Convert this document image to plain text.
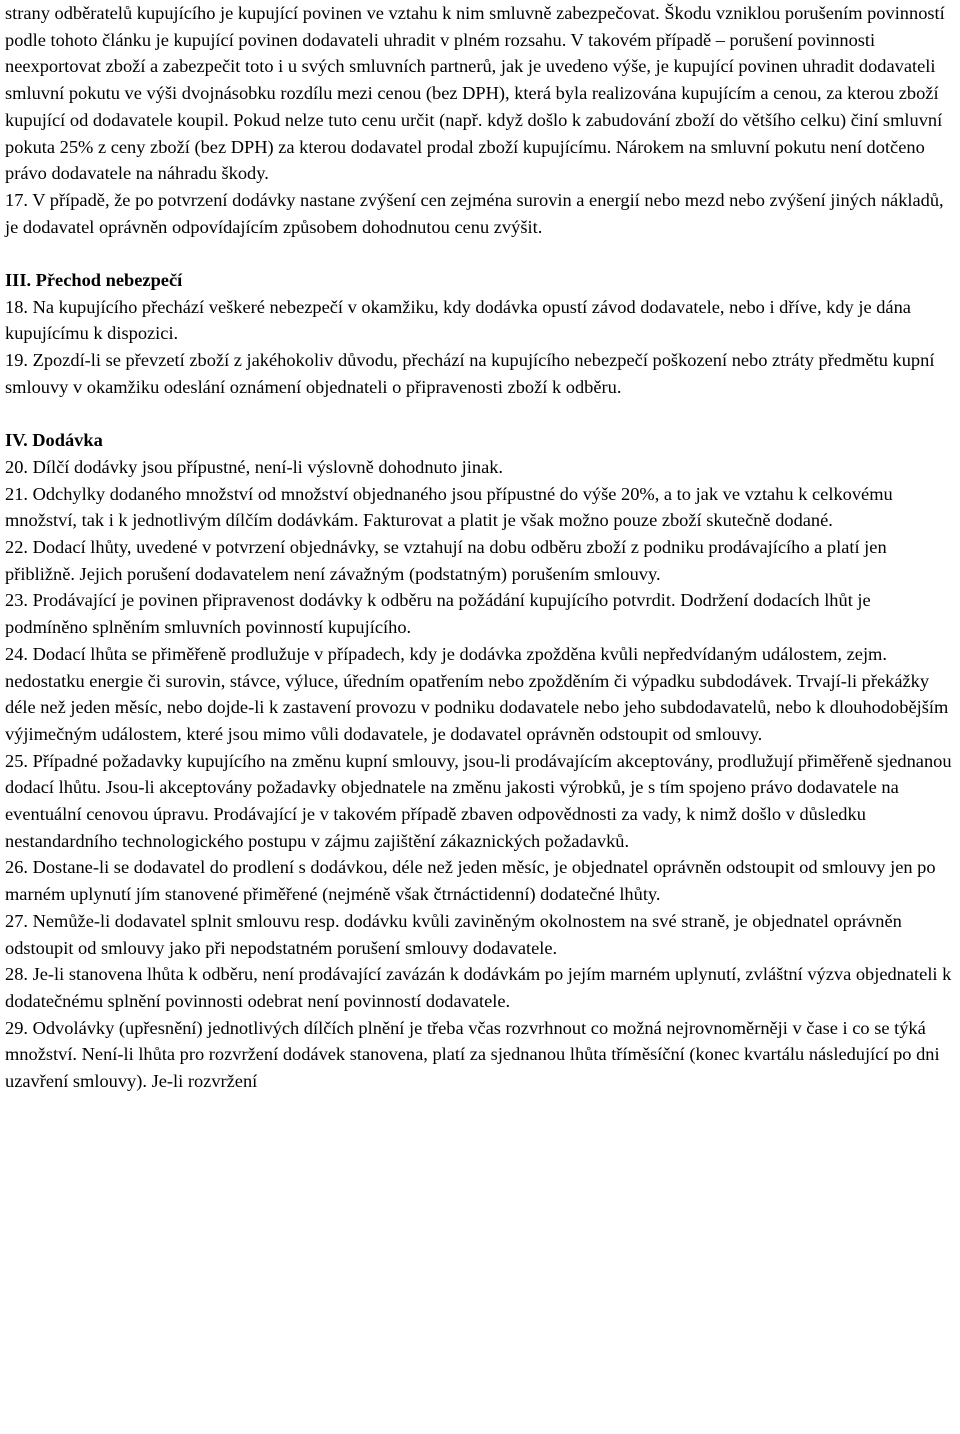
strany odběratelů kupujícího je kupující povinen ve vztahu k nim smluvně zabezpečovat. Škodu vzniklou porušením povinností podle tohoto článku je kupující povinen dodavateli uhradit v plném rozsahu. V takovém případě – porušení povinnosti neexportovat zboží a zabezpečit toto i u svých smluvních partnerů, jak je uvedeno výše, je kupující povinen uhradit dodavateli smluvní pokutu ve výši dvojnásobku rozdílu mezi cenou (bez DPH), která byla realizována kupujícím a cenou, za kterou zboží kupující od dodavatele koupil. Pokud nelze tuto cenu určit (např. když došlo k zabudování zboží do většího celku) činí smluvní pokuta 25% z ceny zboží (bez DPH) za kterou dodavatel prodal zboží kupujícímu. Nárokem na smluvní pokutu není dotčeno právo dodavatele na náhradu škody.

17. V případě, že po potvrzení dodávky nastane zvýšení cen zejména surovin a energií nebo mezd nebo zvýšení jiných nákladů, je dodavatel oprávněn odpovídajícím způsobem dohodnutou cenu zvýšit.

III. Přechod nebezpečí

18. Na kupujícího přechází veškeré nebezpečí v okamžiku, kdy dodávka opustí závod dodavatele, nebo i dříve, kdy je dána kupujícímu k dispozici.

19. Zpozdí-li se převzetí zboží z jakéhokoliv důvodu, přechází na kupujícího nebezpečí poškození nebo ztráty předmětu kupní smlouvy v okamžiku odeslání oznámení objednateli o připravenosti zboží k odběru.

IV. Dodávka

20. Dílčí dodávky jsou přípustné, není-li výslovně dohodnuto jinak.

21. Odchylky dodaného množství od množství objednaného jsou přípustné do výše 20%, a to jak ve vztahu k celkovému množství, tak i k jednotlivým dílčím dodávkám. Fakturovat a platit je však možno pouze zboží skutečně dodané.

22. Dodací lhůty, uvedené v potvrzení objednávky, se vztahují na dobu odběru zboží z podniku prodávajícího a platí jen přibližně. Jejich porušení dodavatelem není závažným (podstatným) porušením smlouvy.

23. Prodávající je povinen připravenost dodávky k odběru na požádání kupujícího potvrdit. Dodržení dodacích lhůt je podmíněno splněním smluvních povinností kupujícího.

24. Dodací lhůta se přiměřeně prodlužuje v případech, kdy je dodávka zpožděna kvůli nepředvídaným událostem, zejm. nedostatku energie či surovin, stávce, výluce, úředním opatřením nebo zpožděním či výpadku subdodávek. Trvají-li překážky déle než jeden měsíc, nebo dojde-li k zastavení provozu v podniku dodavatele nebo jeho subdodavatelů, nebo k dlouhodobějším výjimečným událostem, které jsou mimo vůli dodavatele, je dodavatel oprávněn odstoupit od smlouvy.

25. Případné požadavky kupujícího na změnu kupní smlouvy, jsou-li prodávajícím akceptovány, prodlužují přiměřeně sjednanou dodací lhůtu. Jsou-li akceptovány požadavky objednatele na změnu jakosti výrobků, je s tím spojeno právo dodavatele na eventuální cenovou úpravu. Prodávající je v takovém případě zbaven odpovědnosti za vady, k nimž došlo v důsledku nestandardního technologického postupu v zájmu zajištění zákaznických požadavků.

26. Dostane-li se dodavatel do prodlení s dodávkou, déle než jeden měsíc, je objednatel oprávněn odstoupit od smlouvy jen po marném uplynutí jím stanovené přiměřené (nejméně však čtrnáctidenní) dodatečné lhůty.

27. Nemůže-li dodavatel splnit smlouvu resp. dodávku kvůli zaviněným okolnostem na své straně, je objednatel oprávněn odstoupit od smlouvy jako při nepodstatném porušení smlouvy dodavatele.

28. Je-li stanovena lhůta k odběru, není prodávající zavázán k dodávkám po jejím marném uplynutí, zvláštní výzva objednateli k dodatečnému splnění povinnosti odebrat není povinností dodavatele.

29. Odvolávky (upřesnění) jednotlivých dílčích plnění je třeba včas rozvrhnout co možná nejrovnoměrněji v čase i co se týká množství. Není-li lhůta pro rozvržení dodávek stanovena, platí za sjednanou lhůta tříměsíční (konec kvartálu následující po dni uzavření smlouvy). Je-li rozvržení
